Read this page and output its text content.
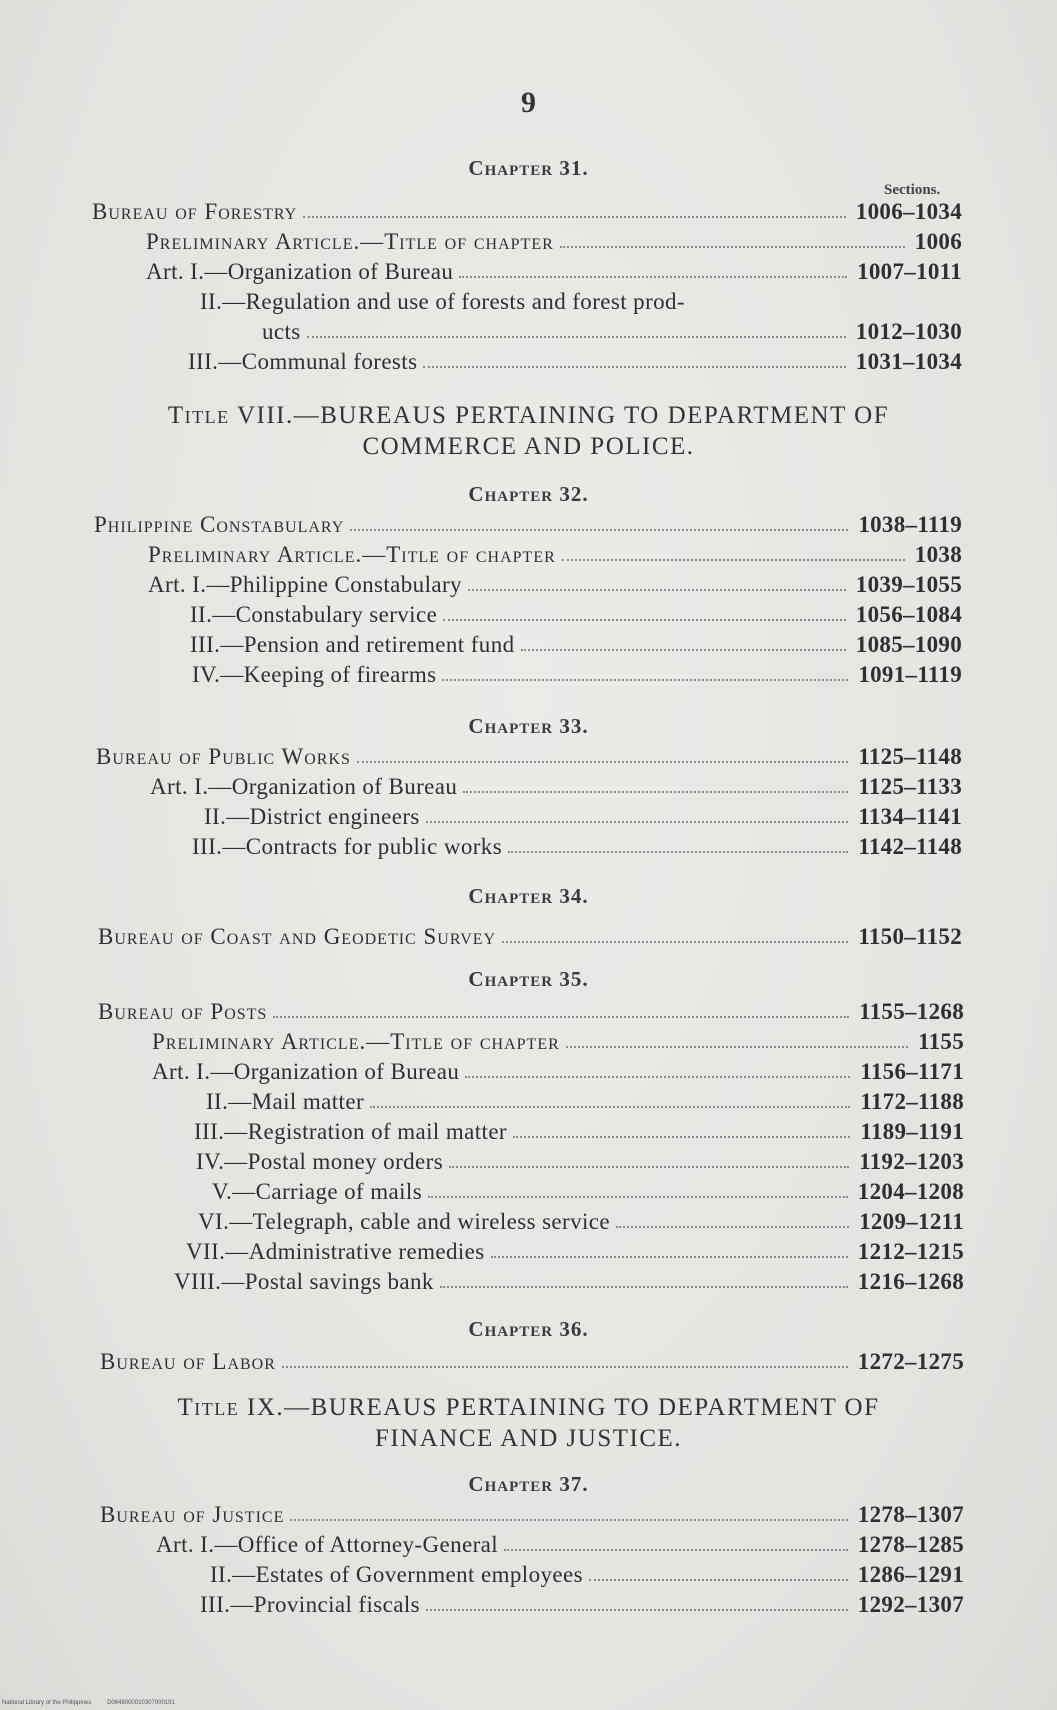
9
Chapter 31.
Sections.
Bureau of Forestry	1006–1034
Preliminary Article.—Title of chapter	1006
Art. I.—Organization of Bureau	1007–1011
II.—Regulation and use of forests and forest prod-
ucts	1012–1030
III.—Communal forests	1031–1034
Title VIII.—BUREAUS PERTAINING TO DEPARTMENT OF
COMMERCE AND POLICE.
Chapter 32.
Philippine Constabulary	1038–1119
Preliminary Article.—Title of chapter	1038
Art. I.—Philippine Constabulary	1039–1055
II.—Constabulary service	1056–1084
III.—Pension and retirement fund	1085–1090
IV.—Keeping of firearms	1091–1119
Chapter 33.
Bureau of Public Works	1125–1148
Art. I.—Organization of Bureau	1125–1133
II.—District engineers	1134–1141
III.—Contracts for public works	1142–1148
Chapter 34.
Bureau of Coast and Geodetic Survey	1150–1152
Chapter 35.
Bureau of Posts	1155–1268
Preliminary Article.—Title of chapter	1155
Art. I.—Organization of Bureau	1156–1171
II.—Mail matter	1172–1188
III.—Registration of mail matter	1189–1191
IV.—Postal money orders	1192–1203
V.—Carriage of mails	1204–1208
VI.—Telegraph, cable and wireless service	1209–1211
VII.—Administrative remedies	1212–1215
VIII.—Postal savings bank	1216–1268
Chapter 36.
Bureau of Labor	1272–1275
Title IX.—BUREAUS PERTAINING TO DEPARTMENT OF
FINANCE AND JUSTICE.
Chapter 37.
Bureau of Justice	1278–1307
Art. I.—Office of Attorney-General	1278–1285
II.—Estates of Government employees	1286–1291
III.—Provincial fiscals	1292–1307
National Library of the Philippines	D0649000010307000191
